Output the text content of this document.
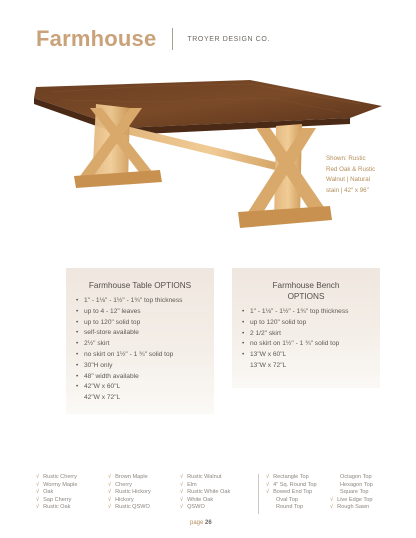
Farmhouse	TROYER DESIGN CO.
Shown: Rustic
Red Oak & Rustic
Walnut | Natural
stain | 42" x 96"
Farmhouse Table OPTIONS
• 1" - 1⅛" - 1½" - 1¾" top thickness
• up to 4 - 12" leaves
• up to 120" solid top
• self-store available
• 2½" skirt
• no skirt on 1½" - 1 ¾" solid top
• 30"H only
• 48" width available
• 42"W x 60"L
42"W x 72"L
Farmhouse Bench
OPTIONS
• 1" - 1⅛" - 1½" - 1¾" top thickness
• up to 120" solid top
• 2 1/2" skirt
• no skirt on 1½" - 1 ¾" solid top
• 13"W x 60"L
13"W x 72"L
√ Rustic Cherry
√ Wormy Maple
√ Oak
√ Sap Cherry
√ Rustic Oak
√ Brown Maple
√ Cherry
√ Rustic Hickory
√ Hickory
√ Rustic QSWO
√ Rustic Walnut
√ Elm
√ Rustic White Oak
√ White Oak
√ QSWO
√ Rectangle Top
√ 4" Sq. Round Top
√ Bowed End Top
Oval Top
Round Top
Octagon Top
Hexagon Top
Square Top
√ Live Edge Top
√ Rough Sawn
page 26
